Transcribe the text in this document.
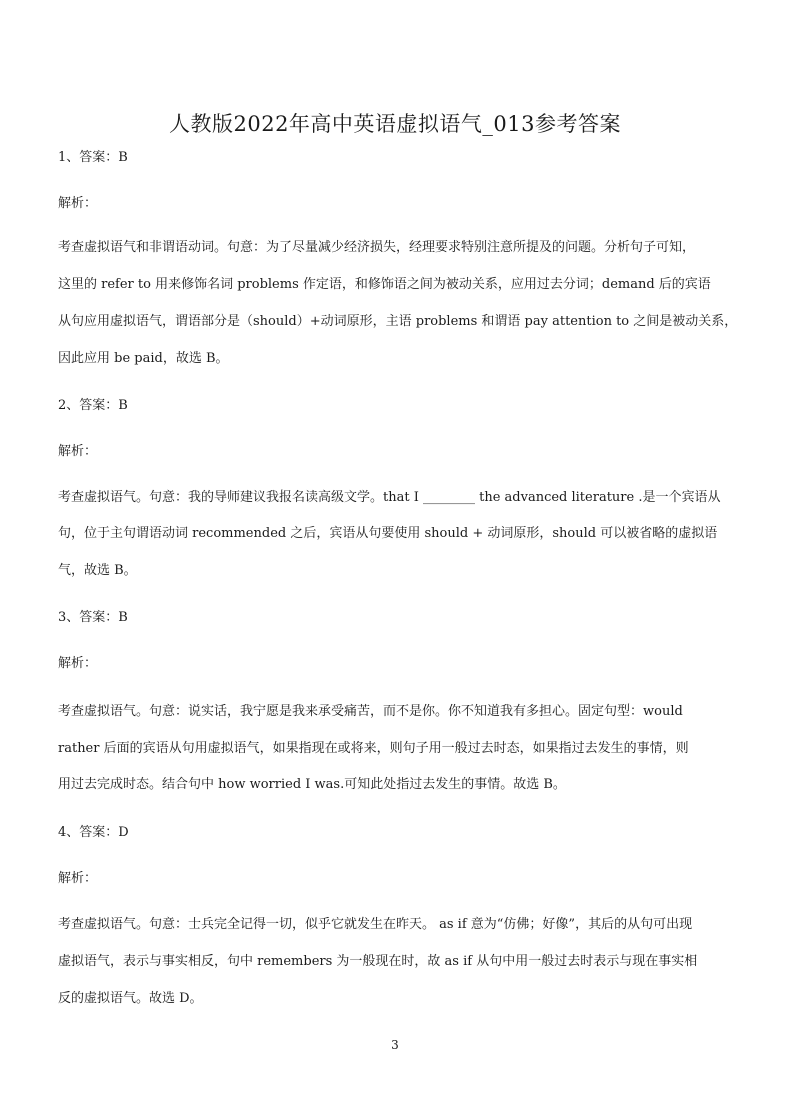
人教版2022年高中英语虚拟语气_013参考答案
1、答案：B
解析：
考查虚拟语气和非谓语动词。句意：为了尽量减少经济损失，经理要求特别注意所提及的问题。分析句子可知，
这里的 refer to 用来修饰名词 problems 作定语，和修饰语之间为被动关系，应用过去分词；demand 后的宾语
从句应用虚拟语气，谓语部分是（should）+动词原形，主语 problems 和谓语 pay attention to 之间是被动关系，
因此应用 be paid，故选 B。
2、答案：B
解析：
考查虚拟语气。句意：我的导师建议我报名读高级文学。that I ________ the advanced literature .是一个宾语从
句，位于主句谓语动词 recommended 之后，宾语从句要使用 should + 动词原形，should 可以被省略的虚拟语
气，故选 B。
3、答案：B
解析：
考查虚拟语气。句意：说实话，我宁愿是我来承受痛苦，而不是你。你不知道我有多担心。固定句型：would
rather 后面的宾语从句用虚拟语气，如果指现在或将来，则句子用一般过去时态，如果指过去发生的事情，则
用过去完成时态。结合句中 how worried I was.可知此处指过去发生的事情。故选 B。
4、答案：D
解析：
考查虚拟语气。句意：士兵完全记得一切，似乎它就发生在昨天。 as if 意为“仿佛；好像”，其后的从句可出现
虚拟语气，表示与事实相反，句中 remembers 为一般现在时，故 as if 从句中用一般过去时表示与现在事实相
反的虚拟语气。故选 D。
3
